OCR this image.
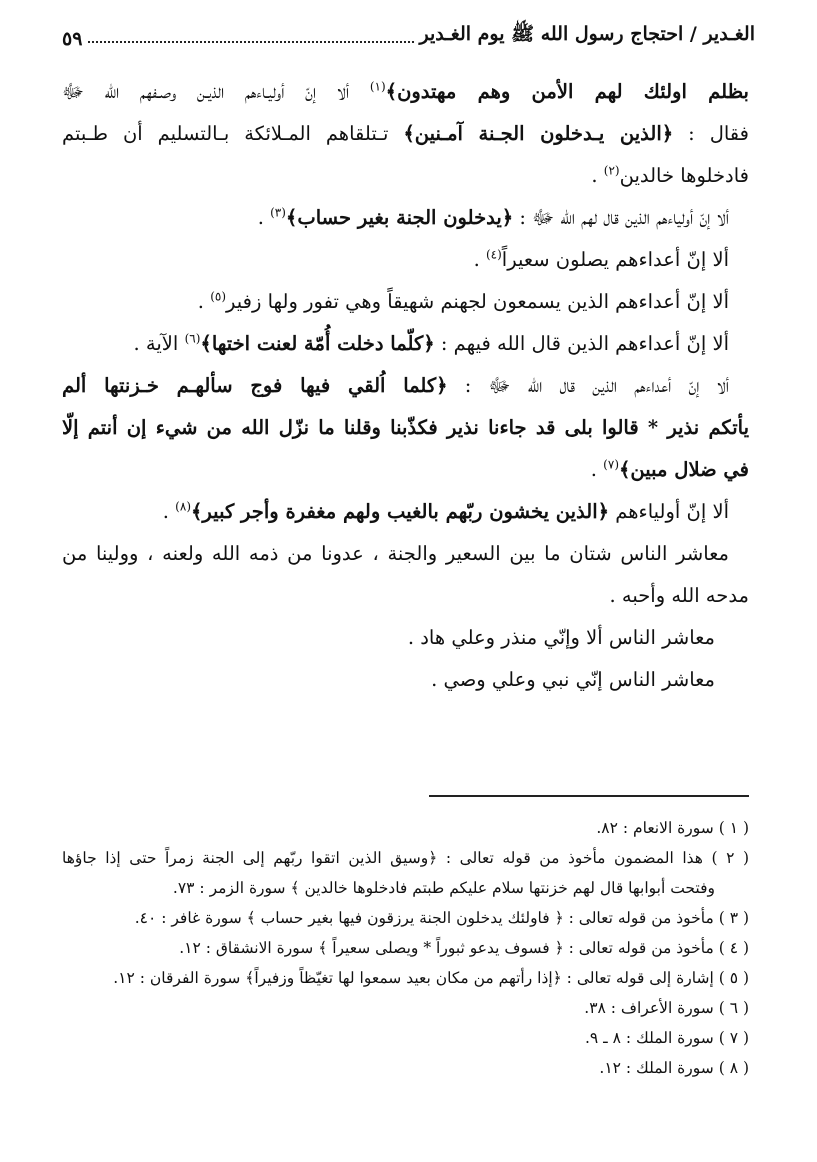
الغـدير / احتجاج رسول الله ﷺ يوم الغـدير
٥٩
بظلم اولئك لهم الأمن وهم مهتدون﴾$^{(١)}$ ألا إنّ أوليـاءهم الذيـن وصـفهم الله ﷻ
فقال : ﴿الذين يـدخلون الجـنة آمـنين﴾ تـتلقاهم المـلائكة بـالتسليم أن طـبتم
فادخلوها خالدين$^{(٢)}$ .
ألا إنّ أولياءهم الذين قال لهم الله ﷻ : ﴿يدخلون الجنة بغير حساب﴾$^{(٣)}$ .
ألا إنّ أعداءهم يصلون سعيراً$^{(٤)}$ .
ألا إنّ أعداءهم الذين يسمعون لجهنم شهيقاً وهي تفور ولها زفير$^{(٥)}$ .
ألا إنّ أعداءهم الذين قال الله فيهم : ﴿كلّما دخلت أُمّة لعنت اختها﴾$^{(٦)}$ الآية .
ألا إنّ أعداءهم الذين قال الله ﷻ : ﴿كلما اُلقي فيها فوج سألهـم خـزنتها ألم
يأتكم نذير * قالوا بلى قد جاءنا نذير فكذّبنا وقلنا ما نزّل الله من شيء إن أنتم إلّا
في ضلال مبين﴾$^{(٧)}$ .
ألا إنّ أولياءهم ﴿الذين يخشون ربّهم بالغيب ولهم مغفرة وأجر كبير﴾$^{(٨)}$ .
معاشر الناس شتان ما بين السعير والجنة ، عدونا من ذمه الله ولعنه ، وولينا من
مدحه الله وأحبه .
معاشر الناس ألا وإنّي منذر وعلي هاد .
معاشر الناس إنّي نبي وعلي وصي .
( ١ ) سورة الانعام : ٨٢.
( ٢ ) هذا المضمون مأخوذ من قوله تعالى : ﴿وسيق الذين اتقوا ربّهم إلى الجنة زمراً حتى إذا جاؤها
وفتحت أبوابها قال لهم خزنتها سلام عليكم طبتم فادخلوها خالدين ﴾ سورة الزمر : ٧٣.
( ٣ ) مأخوذ من قوله تعالى : ﴿ فاولئك يدخلون الجنة يرزقون فيها بغير حساب ﴾ سورة غافر : ٤٠.
( ٤ ) مأخوذ من قوله تعالى : ﴿ فسوف يدعو ثبوراً * ويصلى سعيراً ﴾ سورة الانشقاق : ١٢.
( ٥ ) إشارة إلى قوله تعالى : ﴿إذا رأتهم من مكان بعيد سمعوا لها تغيّظاً وزفيراً﴾ سورة الفرقان : ١٢.
( ٦ ) سورة الأعراف : ٣٨.
( ٧ ) سورة الملك : ٨ ـ ٩.
( ٨ ) سورة الملك : ١٢.
